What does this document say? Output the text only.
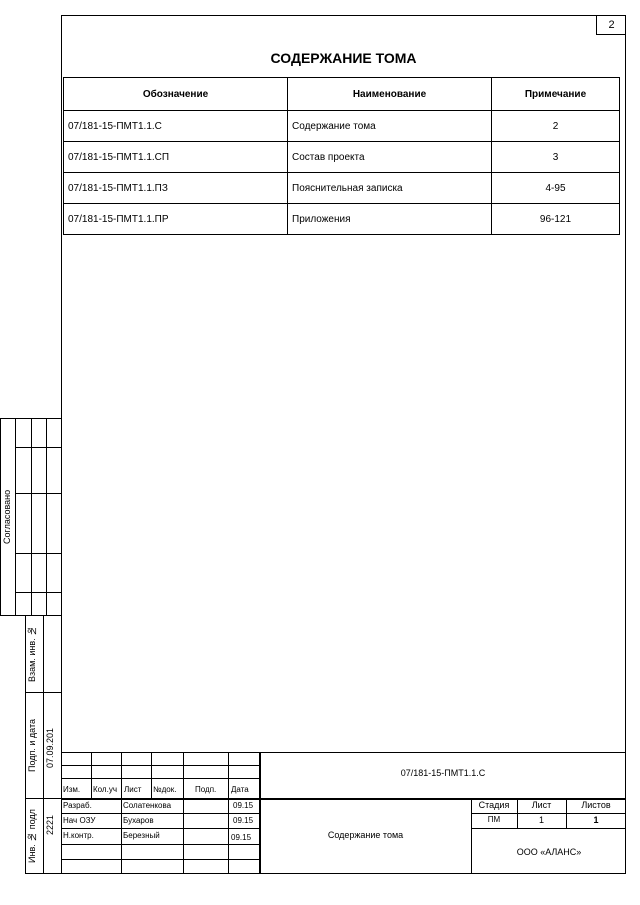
2
СОДЕРЖАНИЕ ТОМА
Обозначение	Наименование	Примечание
07/181-15-ПМТ1.1.С	Содержание тома	2
07/181-15-ПМТ1.1.СП	Состав проекта	3
07/181-15-ПМТ1.1.ПЗ	Пояснительная записка	4-95
07/181-15-ПМТ1.1.ПР	Приложения	96-121
Согласовано
Взам. инв. №
Подп. и дата 07.09.201
Инв. № подл 2221
07/181-15-ПМТ1.1.С
Изм. Кол.уч Лист №док. Подп. Дата
Разраб.	Солатенкова	09.15
Нач ОЗУ	Бухаров	09.15
Н.контр.	Березный	09.15	Содержание тома
Стадия	Лист	Листов
ПМ	1	1
ООО «АЛАНС»
